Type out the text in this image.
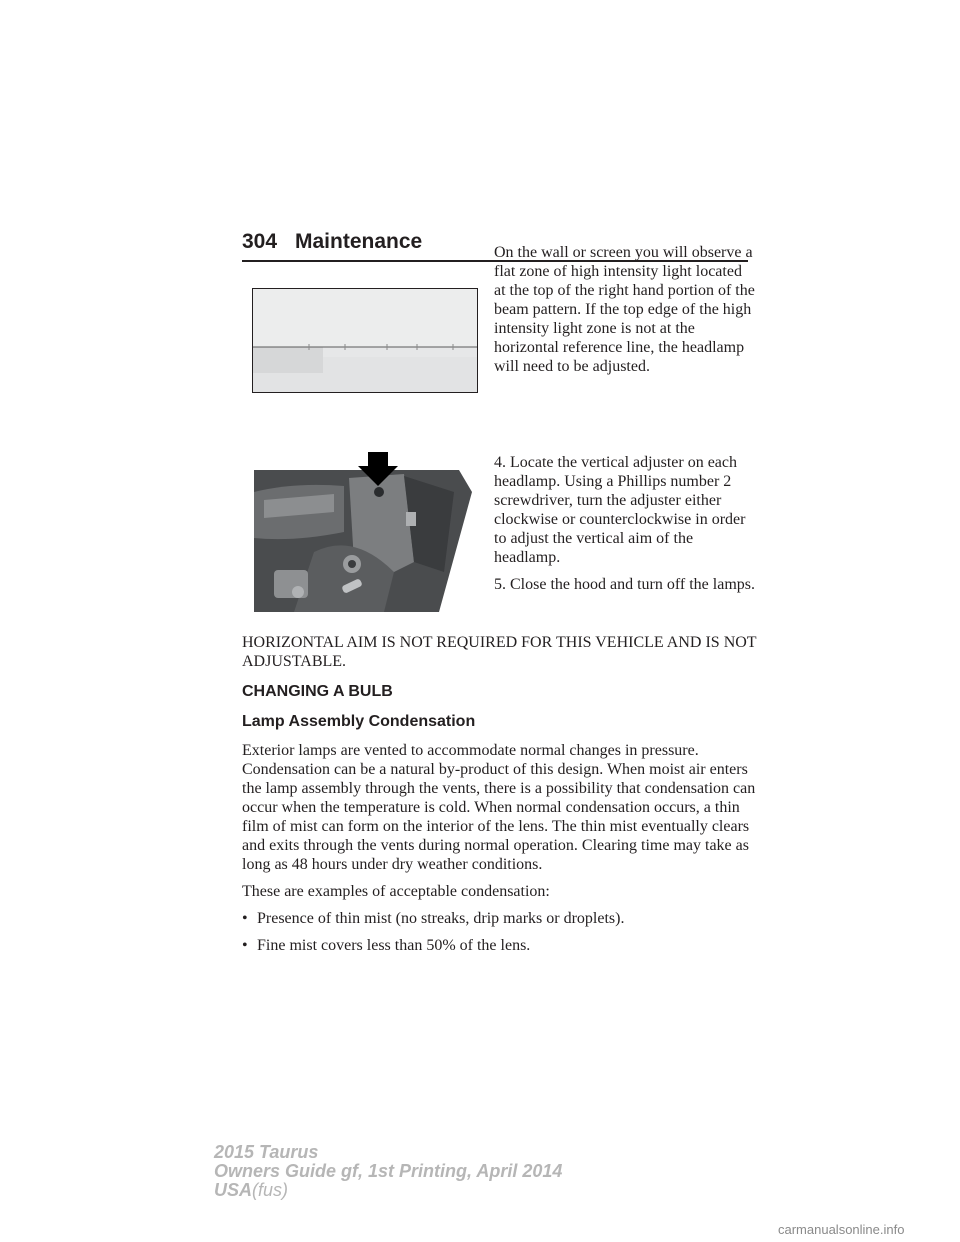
304 Maintenance	On the wall or screen you will observe a flat zone of high intensity light located at the top of the right hand portion of the beam pattern. If the top edge of the high intensity light zone is not at the horizontal reference line, the headlamp will need to be adjusted.

4. Locate the vertical adjuster on each headlamp. Using a Phillips number 2 screwdriver, turn the adjuster either clockwise or counterclockwise in order to adjust the vertical aim of the headlamp.

5. Close the hood and turn off the lamps.

HORIZONTAL AIM IS NOT REQUIRED FOR THIS VEHICLE AND IS NOT ADJUSTABLE.

CHANGING A BULB
Lamp Assembly Condensation

Exterior lamps are vented to accommodate normal changes in pressure. Condensation can be a natural by-product of this design. When moist air enters the lamp assembly through the vents, there is a possibility that condensation can occur when the temperature is cold. When normal condensation occurs, a thin film of mist can form on the interior of the lens. The thin mist eventually clears and exits through the vents during normal operation. Clearing time may take as long as 48 hours under dry weather conditions.

These are examples of acceptable condensation:

• Presence of thin mist (no streaks, drip marks or droplets).
• Fine mist covers less than 50% of the lens.
2015 Taurus
Owners Guide gf, 1st Printing, April 2014
USA(fus)
carmanualsonline.info
